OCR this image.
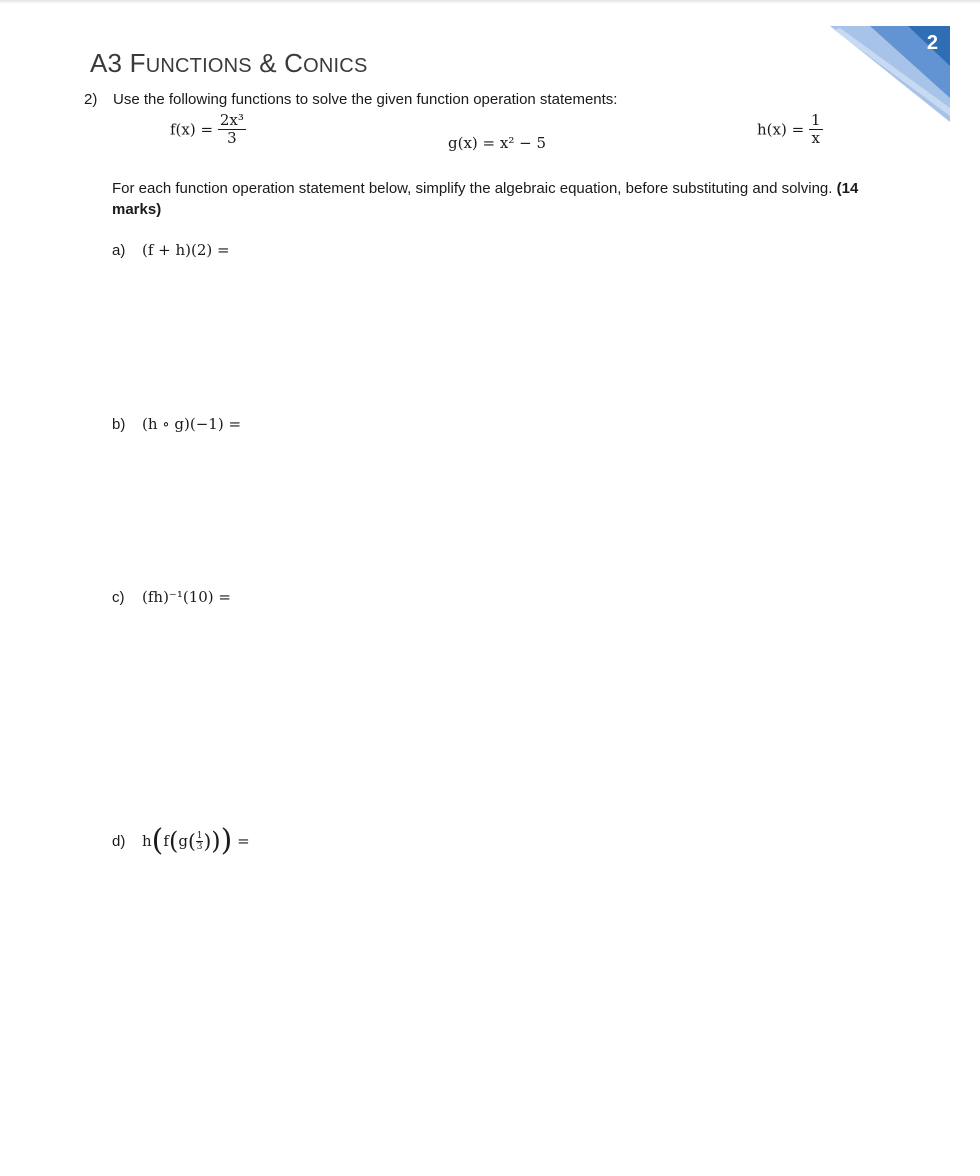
2
A3 FUNCTIONS & CONICS
2) Use the following functions to solve the given function operation statements:
$f(x) = \frac{\text{2x³}}{3}$	g(x) = x² − 5
$h(x) = \frac{1}{x}$
For each function operation statement below, simplify the algebraic equation, before substituting and solving. (14 marks)
a) (f + h)(2) =
b) (h ∘ g)(−1) =
c) (fh)⁻¹(10) =
d) $h(f(g( \frac{1}{3}$ ))) =
